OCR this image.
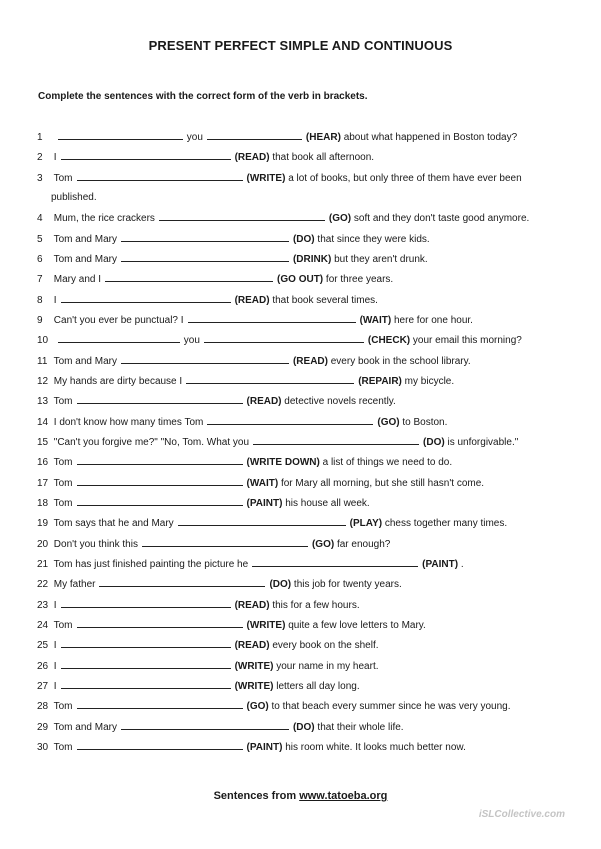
PRESENT PERFECT SIMPLE AND CONTINUOUS
Complete the sentences with the correct form of the verb in brackets.
1	you	(HEAR) about what happened in Boston today?
2 I	(READ) that book all afternoon.
3 Tom	(WRITE) a lot of books, but only three of them have ever been
published.
4 Mum, the rice crackers	(GO) soft and they don't taste good anymore.
5 Tom and Mary	(DO) that since they were kids.
6 Tom and Mary	(DRINK) but they aren't drunk.
7 Mary and I	(GO OUT) for three years.
8 I	(READ) that book several times.
9 Can't you ever be punctual? I	(WAIT) here for one hour.
10	you	(CHECK) your email this morning?
11 Tom and Mary	(READ) every book in the school library.
12 My hands are dirty because I	(REPAIR) my bicycle.
13 Tom	(READ) detective novels recently.
14 I don't know how many times Tom	(GO) to Boston.
15 "Can't you forgive me?" "No, Tom. What you	(DO) is unforgivable."
16 Tom	(WRITE DOWN) a list of things we need to do.
17 Tom	(WAIT) for Mary all morning, but she still hasn't come.
18 Tom	(PAINT) his house all week.
19 Tom says that he and Mary	(PLAY) chess together many times.
20 Don't you think this	(GO) far enough?
21 Tom has just finished painting the picture he	(PAINT) .
22 My father	(DO) this job for twenty years.
23 I	(READ) this for a few hours.
24 Tom	(WRITE) quite a few love letters to Mary.
25 I	(READ) every book on the shelf.
26 I	(WRITE) your name in my heart.
27 I	(WRITE) letters all day long.
28 Tom	(GO) to that beach every summer since he was very young.
29 Tom and Mary	(DO) that their whole life.
30 Tom	(PAINT) his room white. It looks much better now.
Sentences from www.tatoeba.org
iSLCollective.com
